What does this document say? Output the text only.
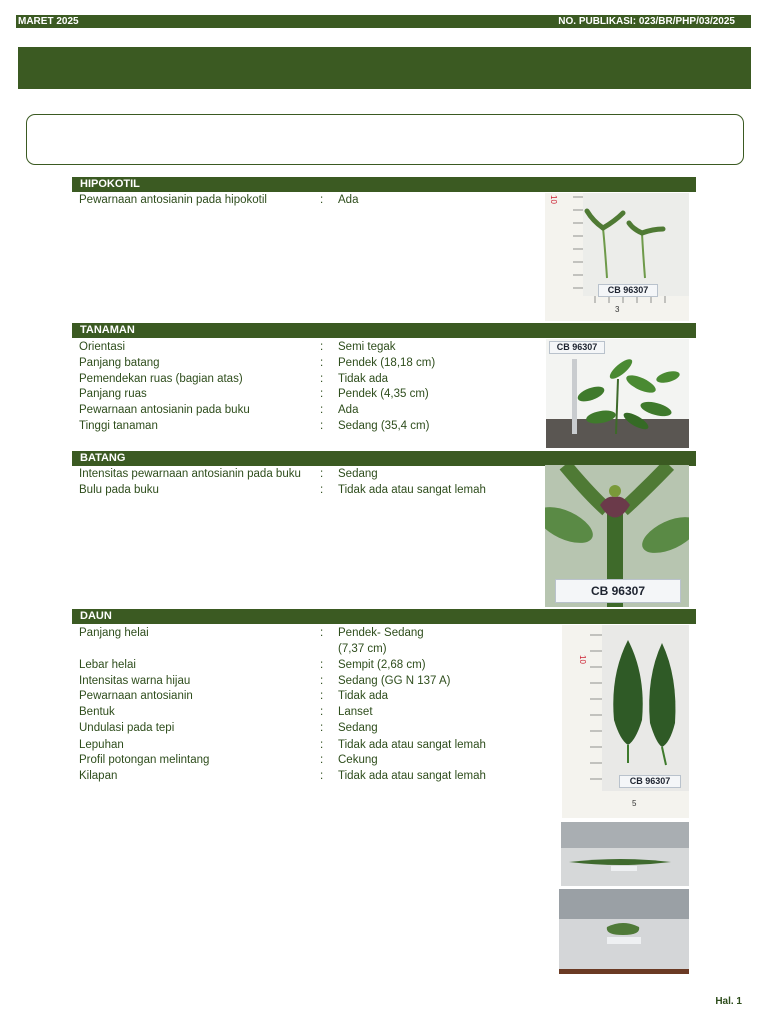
MARET 2025	NO. PUBLIKASI: 023/BR/PHP/03/2025
HIPOKOTIL
Pewarnaan antosianin pada hipokotil	: Ada	10
3
CB 96307
TANAMAN
Orientasi	: Semi tegak
Panjang batang	: Pendek (18,18 cm)
Pemendekan ruas (bagian atas)	: Tidak ada
Panjang ruas	: Pendek (4,35 cm)
Pewarnaan antosianin pada buku	: Ada
Tinggi tanaman	: Sedang (35,4 cm)
CB 96307
BATANG
Intensitas pewarnaan antosianin pada buku : Sedang
Bulu pada buku	: Tidak ada atau sangat lemah
CB 96307
DAUN
Panjang helai	: Pendek- Sedang
(7,37 cm)
Lebar helai	: Sempit (2,68 cm)
Intensitas warna hijau	: Sedang (GG N 137 A)
Pewarnaan antosianin	: Tidak ada
Bentuk	: Lanset
Undulasi pada tepi	: Sedang
Lepuhan	: Tidak ada atau sangat lemah
Profil potongan melintang	: Cekung
Kilapan	: Tidak ada atau sangat lemah
10
5
CB 96307
Hal. 1
